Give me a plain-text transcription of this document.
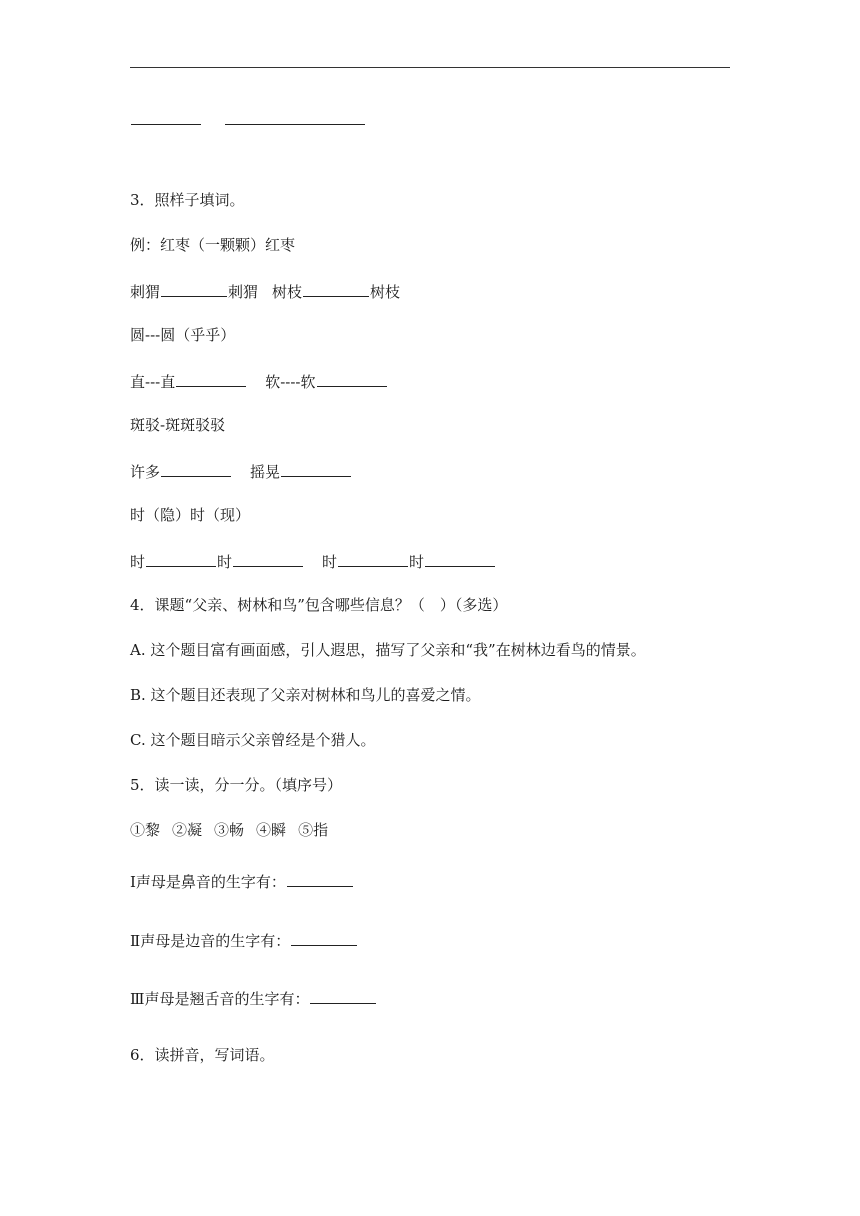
3．照样子填词。
例：红枣（一颗颗）红枣
刺猬	刺猬 树枝	树枝
圆---圆（乎乎）
直---直	软----软
斑驳-斑斑驳驳
许多	摇晃
时（隐）时（现）
时	时	时	时
4．课题“父亲、树林和鸟”包含哪些信息？（　）（多选）
A. 这个题目富有画面感，引人遐思，描写了父亲和“我”在树林边看鸟的情景。
B. 这个题目还表现了父亲对树林和鸟儿的喜爱之情。
C. 这个题目暗示父亲曾经是个猎人。
5．读一读，分一分。（填序号）
①黎 ②凝 ③畅 ④瞬 ⑤指
Ⅰ声母是鼻音的生字有：
Ⅱ声母是边音的生字有：
Ⅲ声母是翘舌音的生字有：
6．读拼音，写词语。
